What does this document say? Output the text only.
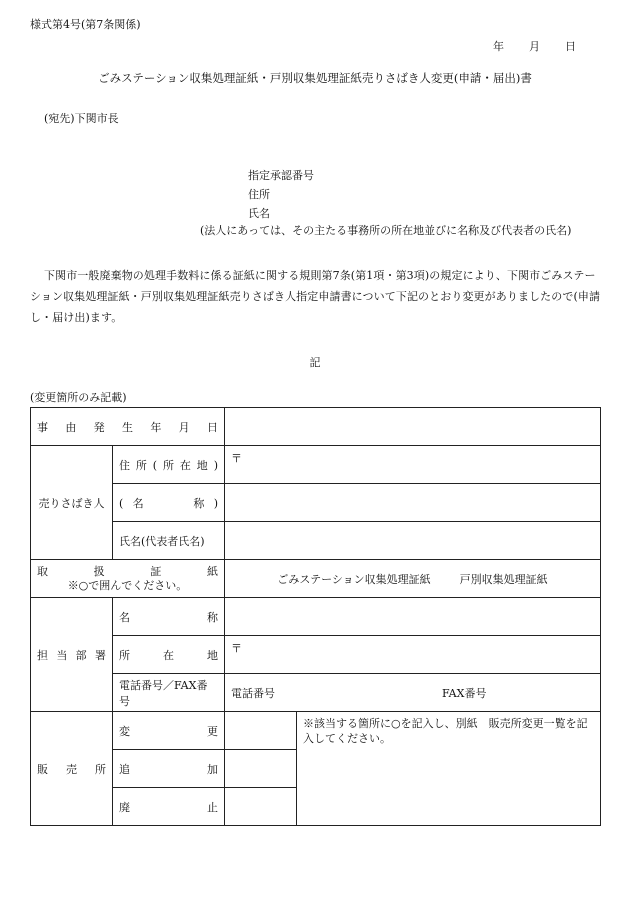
様式第4号(第7条関係)
年 月 日
ごみステーション収集処理証紙・戸別収集処理証紙売りさばき人変更(申請・届出)書
(宛先)下関市長
指定承認番号
住所
氏名
(法人にあっては、その主たる事務所の所在地並びに名称及び代表者の氏名)
下関市一般廃棄物の処理手数料に係る証紙に関する規則第7条(第1項・第3項)の規定により、下関市ごみステーション収集処理証紙・戸別収集処理証紙売りさばき人指定申請書について下記のとおり変更がありましたので(申請し・届け出)ます。
記
(変更箇所のみ記載)
事由発生年月日			

売りさばき人	住所(所在地)	〒	

	(名　　称)		

	氏名(代表者氏名)		

取扱証紙
※○で囲んでください。		ごみステーション収集処理証紙 戸別収集処理証紙	

担当部署	名称		

	所在地	〒	

	電話番号／FAX番号	電話番号 FAX番号	

販売所	変更		※該当する箇所に○を記入し、別紙　販売所変更一覧を記入してください。

	追加		

	廃止		
